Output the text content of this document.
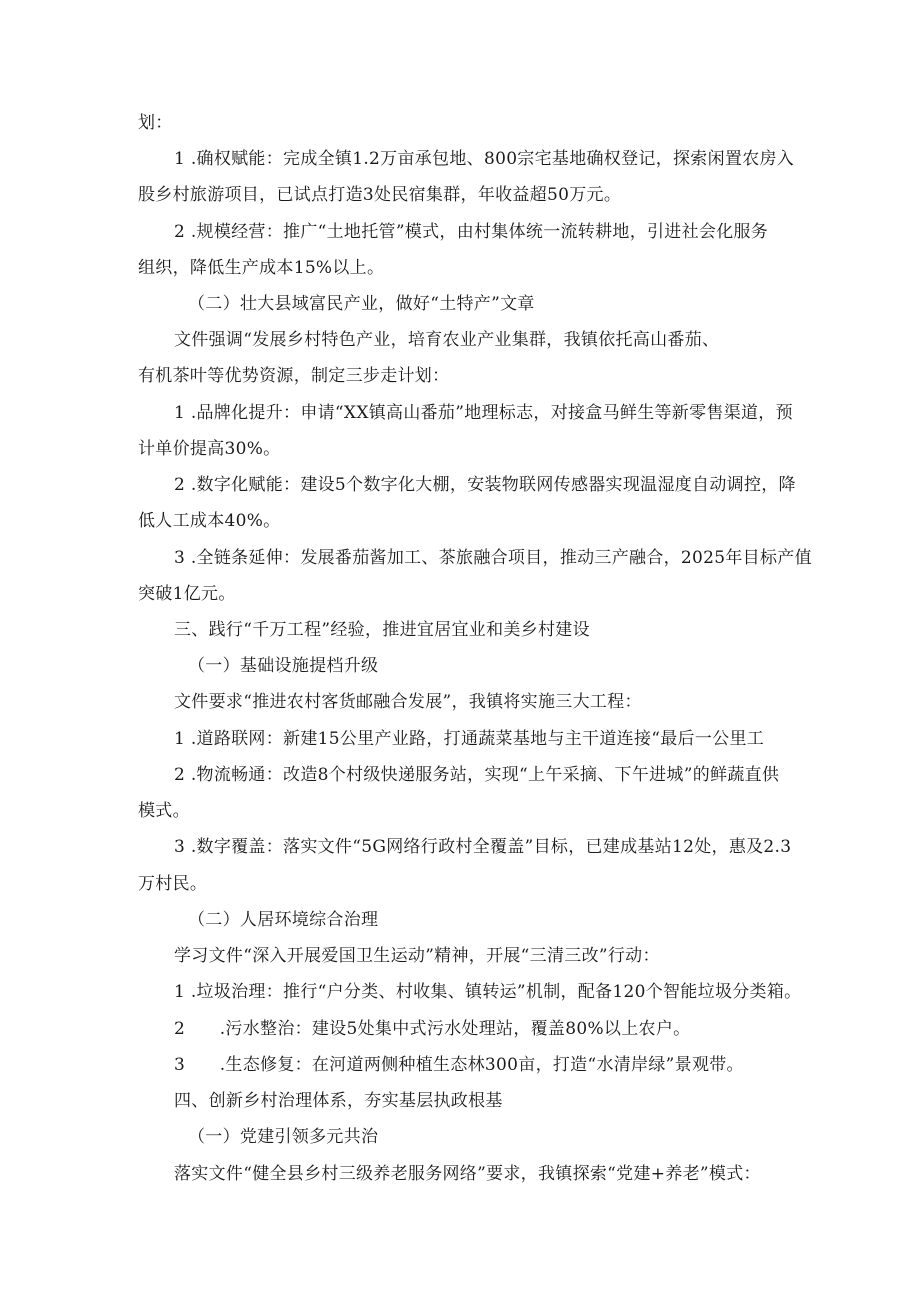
划：
1 .确权赋能：完成全镇1.2万亩承包地、800宗宅基地确权登记，探索闲置农房入
股乡村旅游项目，已试点打造3处民宿集群，年收益超50万元。
2 .规模经营：推广“土地托管”模式，由村集体统一流转耕地，引进社会化服务
组织，降低生产成本15%以上。
（二）壮大县域富民产业，做好“土特产”文章
文件强调“发展乡村特色产业，培育农业产业集群，我镇依托高山番茄、
有机茶叶等优势资源，制定三步走计划：
1 .品牌化提升：申请“XX镇高山番茄”地理标志，对接盒马鲜生等新零售渠道，预
计单价提高30%。
2 .数字化赋能：建设5个数字化大棚，安装物联网传感器实现温湿度自动调控，降
低人工成本40%。
3 .全链条延伸：发展番茄酱加工、茶旅融合项目，推动三产融合，2025年目标产值
突破1亿元。
三、践行“千万工程”经验，推进宜居宜业和美乡村建设
（一）基础设施提档升级
文件要求“推进农村客货邮融合发展”，我镇将实施三大工程：
1 .道路联网：新建15公里产业路，打通蔬菜基地与主干道连接“最后一公里工
2 .物流畅通：改造8个村级快递服务站，实现“上午采摘、下午进城”的鲜蔬直供
模式。
3 .数字覆盖：落实文件“5G网络行政村全覆盖”目标，已建成基站12处，惠及2.3
万村民。
（二）人居环境综合治理
学习文件“深入开展爱国卫生运动”精神，开展“三清三改”行动：
1 .垃圾治理：推行“户分类、村收集、镇转运”机制，配备120个智能垃圾分类箱。
2　　.污水整治：建设5处集中式污水处理站，覆盖80%以上农户。
3　　.生态修复：在河道两侧种植生态林300亩，打造“水清岸绿”景观带。
四、创新乡村治理体系，夯实基层执政根基
（一）党建引领多元共治
落实文件“健全县乡村三级养老服务网络”要求，我镇探索“党建+养老”模式：
